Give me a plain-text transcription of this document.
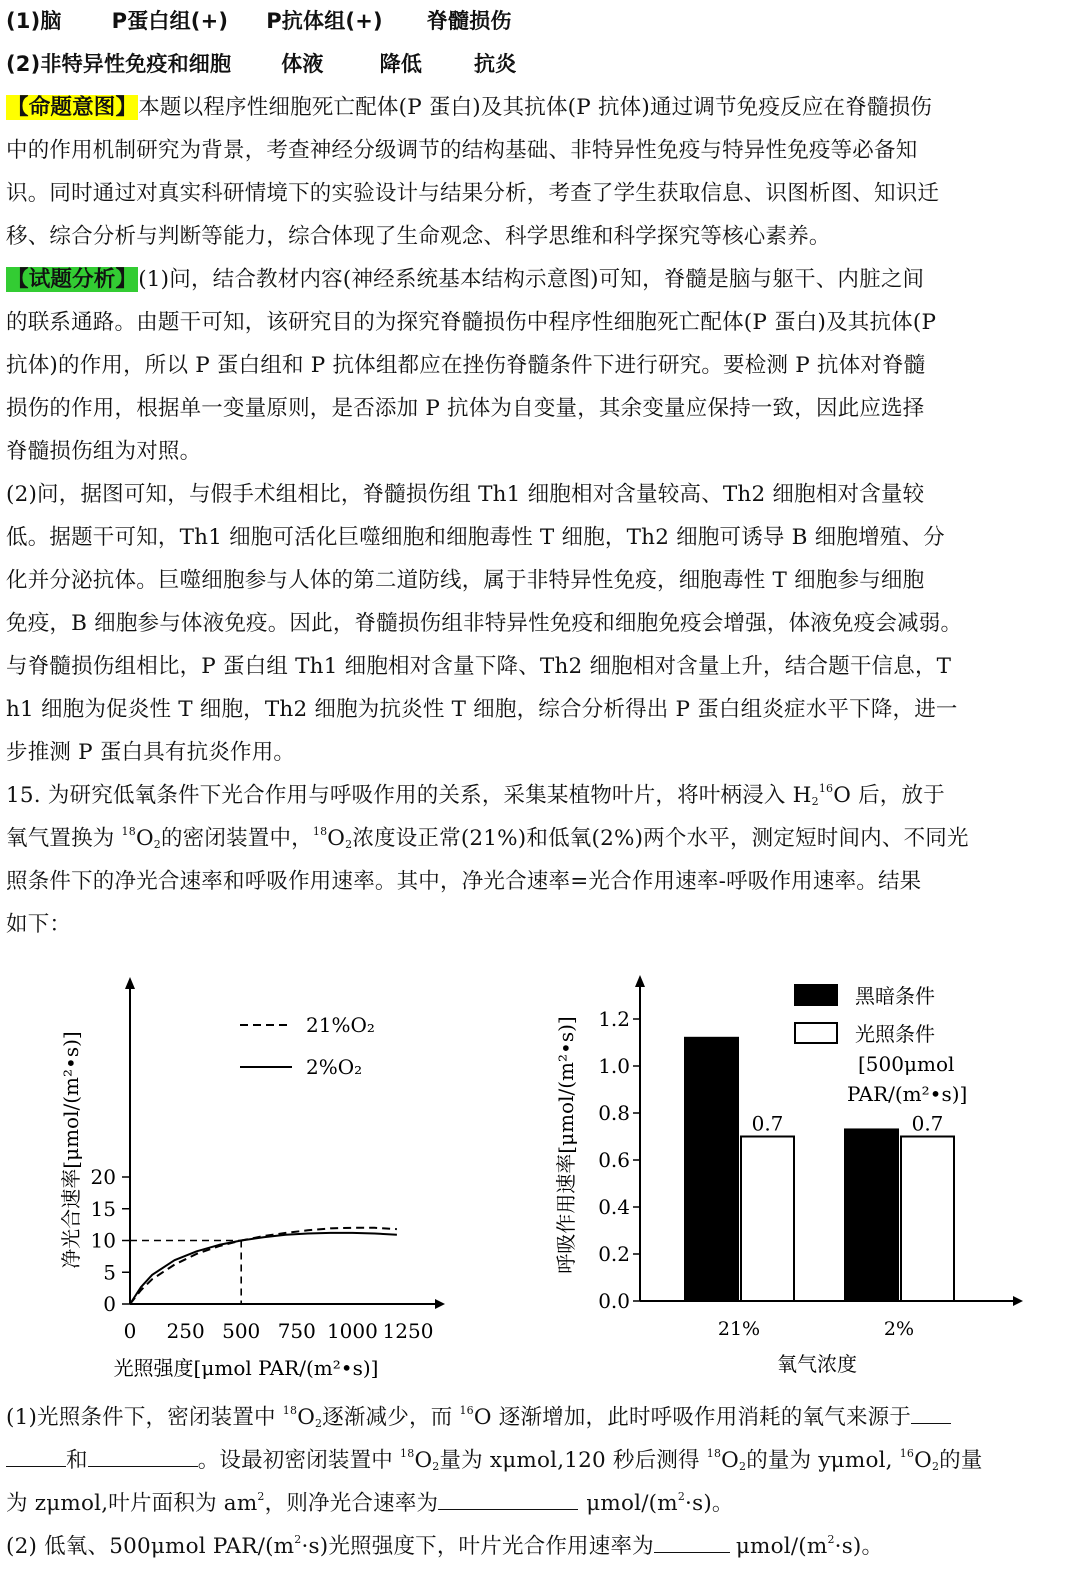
(1)脑 P蛋白组(+) P抗体组(+) 脊髓损伤
(2)非特异性免疫和细胞 体液	降低 抗炎
【命题意图】本题以程序性细胞死亡配体(P 蛋白)及其抗体(P 抗体)通过调节免疫反应在脊髓损伤
中的作用机制研究为背景，考查神经分级调节的结构基础、非特异性免疫与特异性免疫等必备知
识。同时通过对真实科研情境下的实验设计与结果分析，考查了学生获取信息、识图析图、知识迁
移、综合分析与判断等能力，综合体现了生命观念、科学思维和科学探究等核心素养。
【试题分析】(1)问，结合教材内容(神经系统基本结构示意图)可知，脊髓是脑与躯干、内脏之间
的联系通路。由题干可知，该研究目的为探究脊髓损伤中程序性细胞死亡配体(P 蛋白)及其抗体(P
抗体)的作用，所以 P 蛋白组和 P 抗体组都应在挫伤脊髓条件下进行研究。要检测 P 抗体对脊髓
损伤的作用，根据单一变量原则，是否添加 P 抗体为自变量，其余变量应保持一致，因此应选择
脊髓损伤组为对照。
(2)问，据图可知，与假手术组相比，脊髓损伤组 Th1 细胞相对含量较高、Th2 细胞相对含量较
低。据题干可知，Th1 细胞可活化巨噬细胞和细胞毒性 T 细胞，Th2 细胞可诱导 B 细胞增殖、分
化并分泌抗体。巨噬细胞参与人体的第二道防线，属于非特异性免疫，细胞毒性 T 细胞参与细胞
免疫，B 细胞参与体液免疫。因此，脊髓损伤组非特异性免疫和细胞免疫会增强，体液免疫会减弱。
与脊髓损伤组相比，P 蛋白组 Th1 细胞相对含量下降、Th2 细胞相对含量上升，结合题干信息，T
h1 细胞为促炎性 T 细胞，Th2 细胞为抗炎性 T 细胞，综合分析得出 P 蛋白组炎症水平下降，进一
步推测 P 蛋白具有抗炎作用。
15. 为研究低氧条件下光合作用与呼吸作用的关系，采集某植物叶片，将叶柄浸入 $H_2^{16}O$ 后，放于
氧气置换为 $^{18}O_2$的密闭装置中，$^{18}O_2$浓度设正常(21%)和低氧(2%)两个水平，测定短时间内、不同光
照条件下的净光合速率和呼吸作用速率。其中，净光合速率=光合作用速率-呼吸作用速率。结果
如下：
0
5
10
15
20
0 250 500 750 1000 1250
21%O₂
2%O₂
光照强度[μmol PAR/(m²•s)]
净光合速率[μmol/(m²•s)]
0.0
0.2
0.4
0.6
0.8
1.0
1.2
0.7
21%
0.7
2%
黑暗条件
光照条件
[500μmol
PAR/(m²•s)]
氧气浓度
呼吸作用速率[μmol/(m²•s)]
(1)光照条件下，密闭装置中 $^{18}O_2$逐渐减少，而 $^{16}$O 逐渐增加，此时呼吸作用消耗的氧气来源于
和	。设最初密闭装置中 $^{18}O_2$量为 xμmol,120 秒后测得 $^{18}O_2$的量为 yμmol, $^{16}O_2$的量
为 zμmol,叶片面积为 $am^2$，则净光合速率为	μmol/$(m^2\cdot s)$。
(2) 低氧、500μmol PAR/$(m^2\cdot s)$光照强度下，叶片光合作用速率为	μmol/$(m^2\cdot s)$。
